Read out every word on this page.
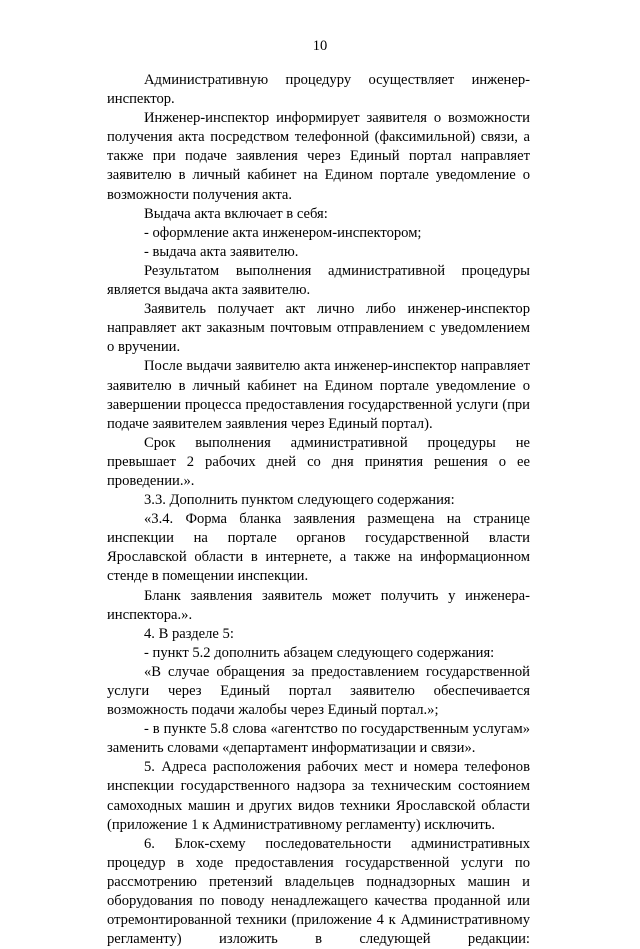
10

Административную процедуру осуществляет инженер-инспектор.

Инженер-инспектор информирует заявителя о возможности получения акта посредством телефонной (факсимильной) связи, а также при подаче заявления через Единый портал направляет заявителю в личный кабинет на Едином портале уведомление о возможности получения акта.

Выдача акта включает в себя:

- оформление акта инженером-инспектором;

- выдача акта заявителю.

Результатом выполнения административной процедуры является выдача акта заявителю.

Заявитель получает акт лично либо инженер-инспектор направляет акт заказным почтовым отправлением с уведомлением о вручении.

После выдачи заявителю акта инженер-инспектор направляет заявителю в личный кабинет на Едином портале уведомление о завершении процесса предоставления государственной услуги (при подаче заявителем заявления через Единый портал).

Срок выполнения административной процедуры не превышает 2 рабочих дней со дня принятия решения о ее проведении.».

3.3. Дополнить пунктом следующего содержания:

«3.4. Форма бланка заявления размещена на странице инспекции на портале органов государственной власти Ярославской области в интернете, а также на информационном стенде в помещении инспекции.

Бланк заявления заявитель может получить у инженера-инспектора.».

4. В разделе 5:

- пункт 5.2 дополнить абзацем следующего содержания:

«В случае обращения за предоставлением государственной услуги через Единый портал заявителю обеспечивается возможность подачи жалобы через Единый портал.»;

- в пункте 5.8 слова «агентство по государственным услугам» заменить словами «департамент информатизации и связи».

5. Адреса расположения рабочих мест и номера телефонов инспекции государственного надзора за техническим состоянием самоходных машин и других видов техники Ярославской области (приложение 1 к Административному регламенту) исключить.

6. Блок-схему последовательности административных процедур в ходе предоставления государственной услуги по рассмотрению претензий владельцев поднадзорных машин и оборудования по поводу ненадлежащего качества проданной или отремонтированной техники (приложение 4 к Административному регламенту) изложить в следующей редакции:
